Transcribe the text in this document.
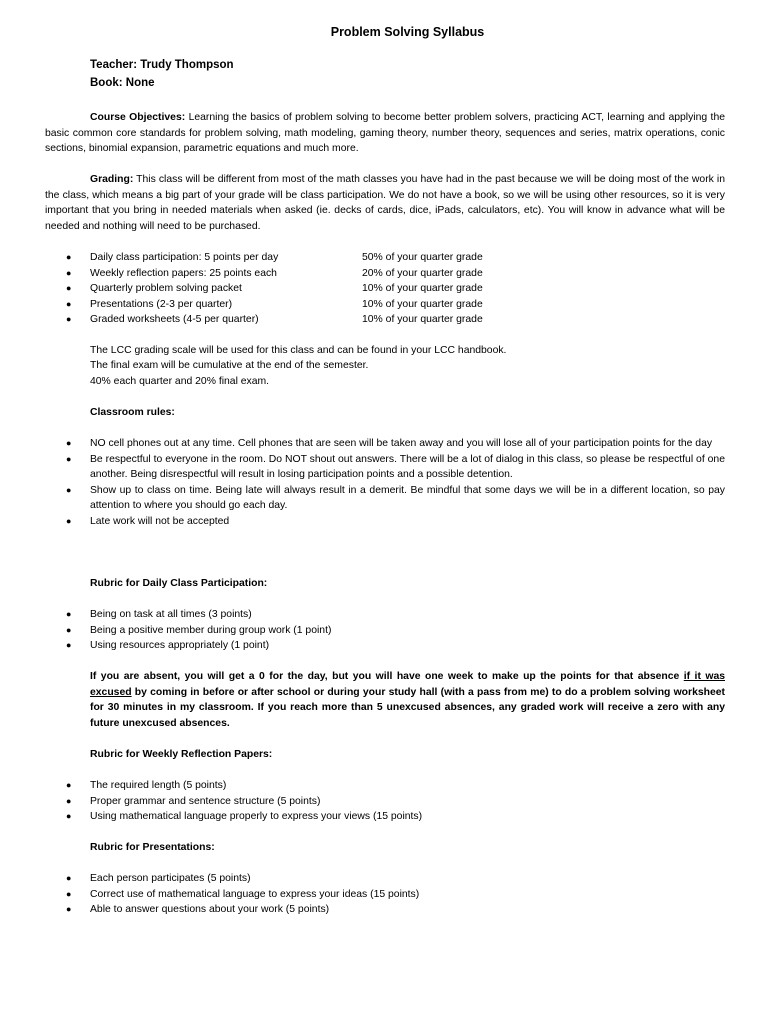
Problem Solving Syllabus
Teacher: Trudy Thompson
Book: None
Course Objectives: Learning the basics of problem solving to become better problem solvers, practicing ACT, learning and applying the basic common core standards for problem solving, math modeling, gaming theory, number theory, sequences and series, matrix operations, conic sections, binomial expansion, parametric equations and much more.
Grading: This class will be different from most of the math classes you have had in the past because we will be doing most of the work in the class, which means a big part of your grade will be class participation. We do not have a book, so we will be using other resources, so it is very important that you bring in needed materials when asked (ie. decks of cards, dice, iPads, calculators, etc). You will know in advance what will be needed and nothing will need to be purchased.
● Daily class participation: 5 points per day	50% of your quarter grade
● Weekly reflection papers: 25 points each	20% of your quarter grade
● Quarterly problem solving packet	10% of your quarter grade
● Presentations (2-3 per quarter)	10% of your quarter grade
● Graded worksheets (4-5 per quarter)	10% of your quarter grade
The LCC grading scale will be used for this class and can be found in your LCC handbook.
The final exam will be cumulative at the end of the semester.
40% each quarter and 20% final exam.
Classroom rules:
● NO cell phones out at any time. Cell phones that are seen will be taken away and you will lose all of your participation points for the day
● Be respectful to everyone in the room. Do NOT shout out answers. There will be a lot of dialog in this class, so please be respectful of one another. Being disrespectful will result in losing participation points and a possible detention.
● Show up to class on time. Being late will always result in a demerit. Be mindful that some days we will be in a different location, so pay attention to where you should go each day.
● Late work will not be accepted
Rubric for Daily Class Participation:
● Being on task at all times (3 points)
● Being a positive member during group work (1 point)
● Using resources appropriately (1 point)
If you are absent, you will get a 0 for the day, but you will have one week to make up the points for that absence if it was excused by coming in before or after school or during your study hall (with a pass from me) to do a problem solving worksheet for 30 minutes in my classroom. If you reach more than 5 unexcused absences, any graded work will receive a zero with any future unexcused absences.
Rubric for Weekly Reflection Papers:
● The required length (5 points)
● Proper grammar and sentence structure (5 points)
● Using mathematical language properly to express your views (15 points)
Rubric for Presentations:
● Each person participates (5 points)
● Correct use of mathematical language to express your ideas (15 points)
● Able to answer questions about your work (5 points)
